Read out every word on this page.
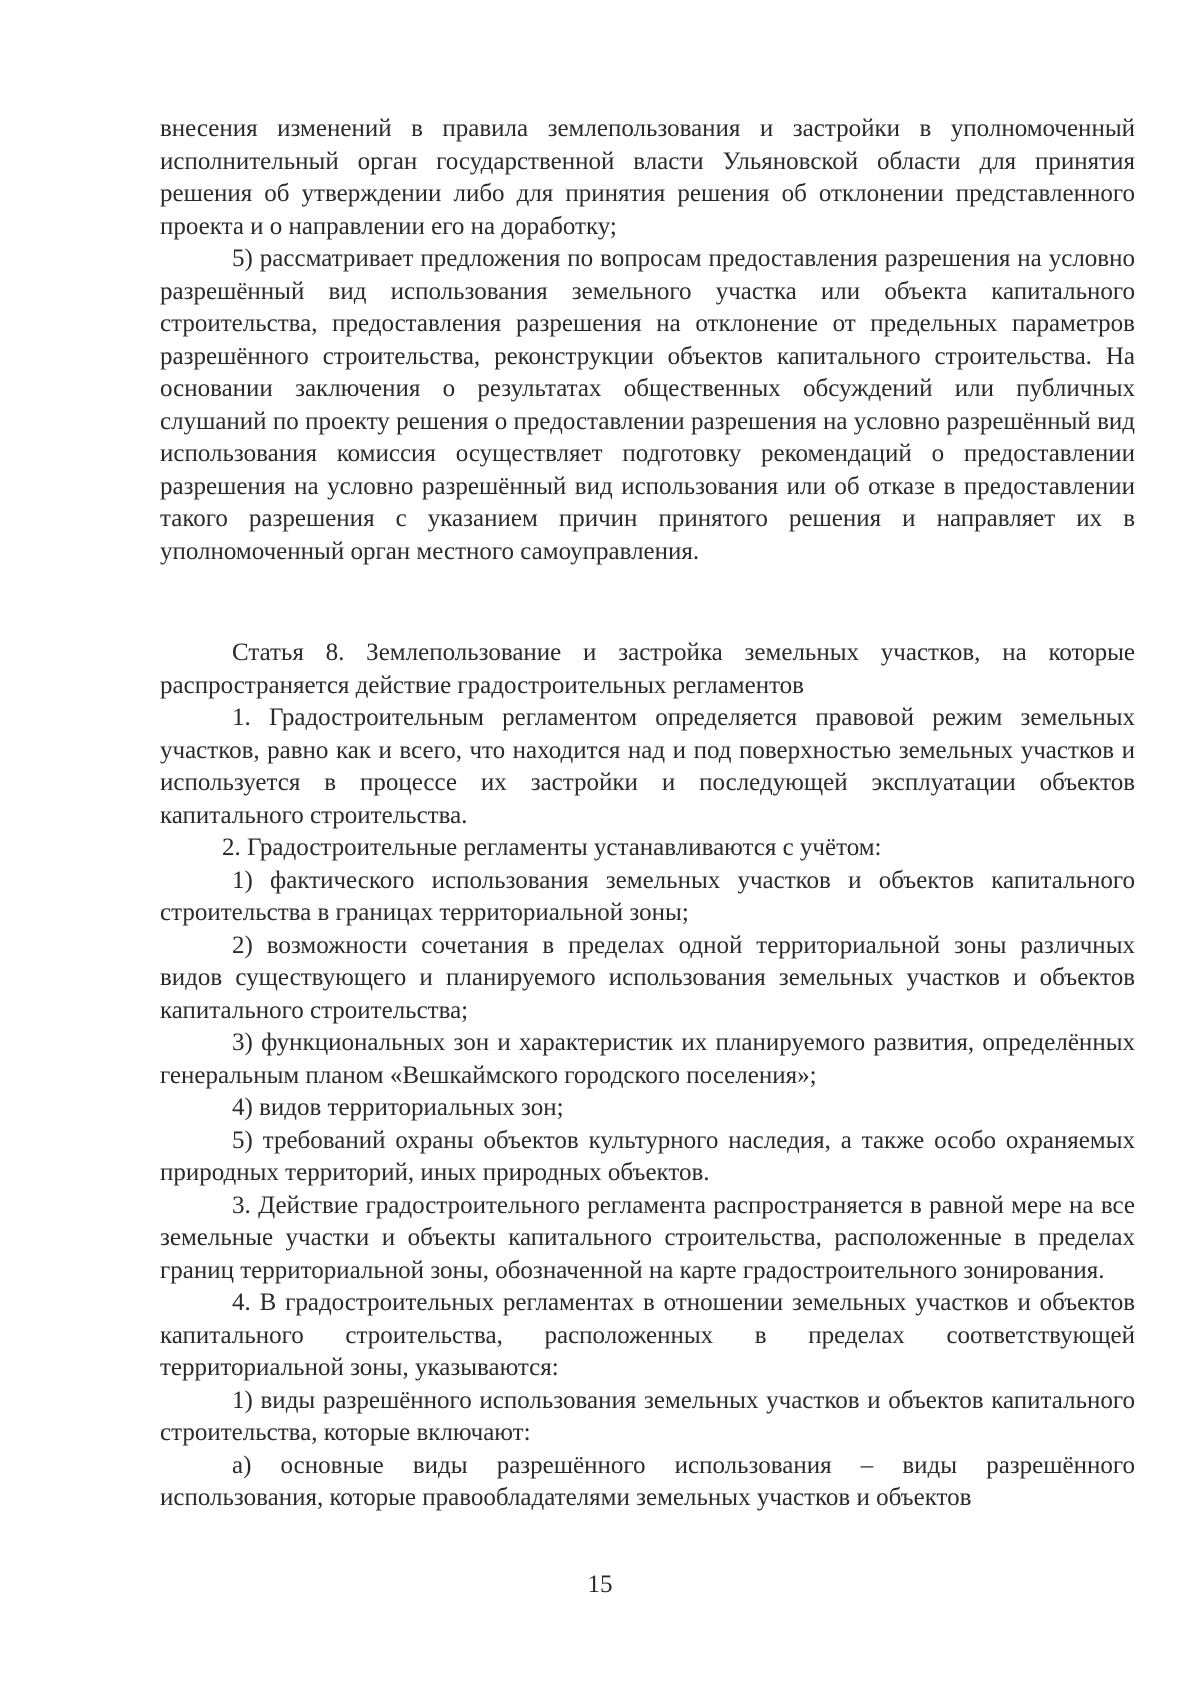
внесения изменений в правила землепользования и застройки в уполномоченный исполнительный орган государственной власти Ульяновской области для принятия решения об утверждении либо для принятия решения об отклонении представленного проекта и о направлении его на доработку;

5) рассматривает предложения по вопросам предоставления разрешения на условно разрешённый вид использования земельного участка или объекта капитального строительства, предоставления разрешения на отклонение от предельных параметров разрешённого строительства, реконструкции объектов капитального строительства. На основании заключения о результатах общественных обсуждений или публичных слушаний по проекту решения о предоставлении разрешения на условно разрешённый вид использования комиссия осуществляет подготовку рекомендаций о предоставлении разрешения на условно разрешённый вид использования или об отказе в предоставлении такого разрешения с указанием причин принятого решения и направляет их в уполномоченный орган местного самоуправления.

Статья 8. Землепользование и застройка земельных участков, на которые распространяется действие градостроительных регламентов

1. Градостроительным регламентом определяется правовой режим земельных участков, равно как и всего, что находится над и под поверхностью земельных участков и используется в процессе их застройки и последующей эксплуатации объектов капитального строительства.

2. Градостроительные регламенты устанавливаются с учётом:

1) фактического использования земельных участков и объектов капитального строительства в границах территориальной зоны;

2) возможности сочетания в пределах одной территориальной зоны различных видов существующего и планируемого использования земельных участков и объектов капитального строительства;

3) функциональных зон и характеристик их планируемого развития, определённых генеральным планом «Вешкаймского городского поселения»;

4) видов территориальных зон;

5) требований охраны объектов культурного наследия, а также особо охраняемых природных территорий, иных природных объектов.

3. Действие градостроительного регламента распространяется в равной мере на все земельные участки и объекты капитального строительства, расположенные в пределах границ территориальной зоны, обозначенной на карте градостроительного зонирования.

4. В градостроительных регламентах в отношении земельных участков и объектов капитального строительства, расположенных в пределах соответствующей территориальной зоны, указываются:

1) виды разрешённого использования земельных участков и объектов капитального строительства, которые включают:

а) основные виды разрешённого использования – виды разрешённого использования, которые правообладателями земельных участков и объектов

15
